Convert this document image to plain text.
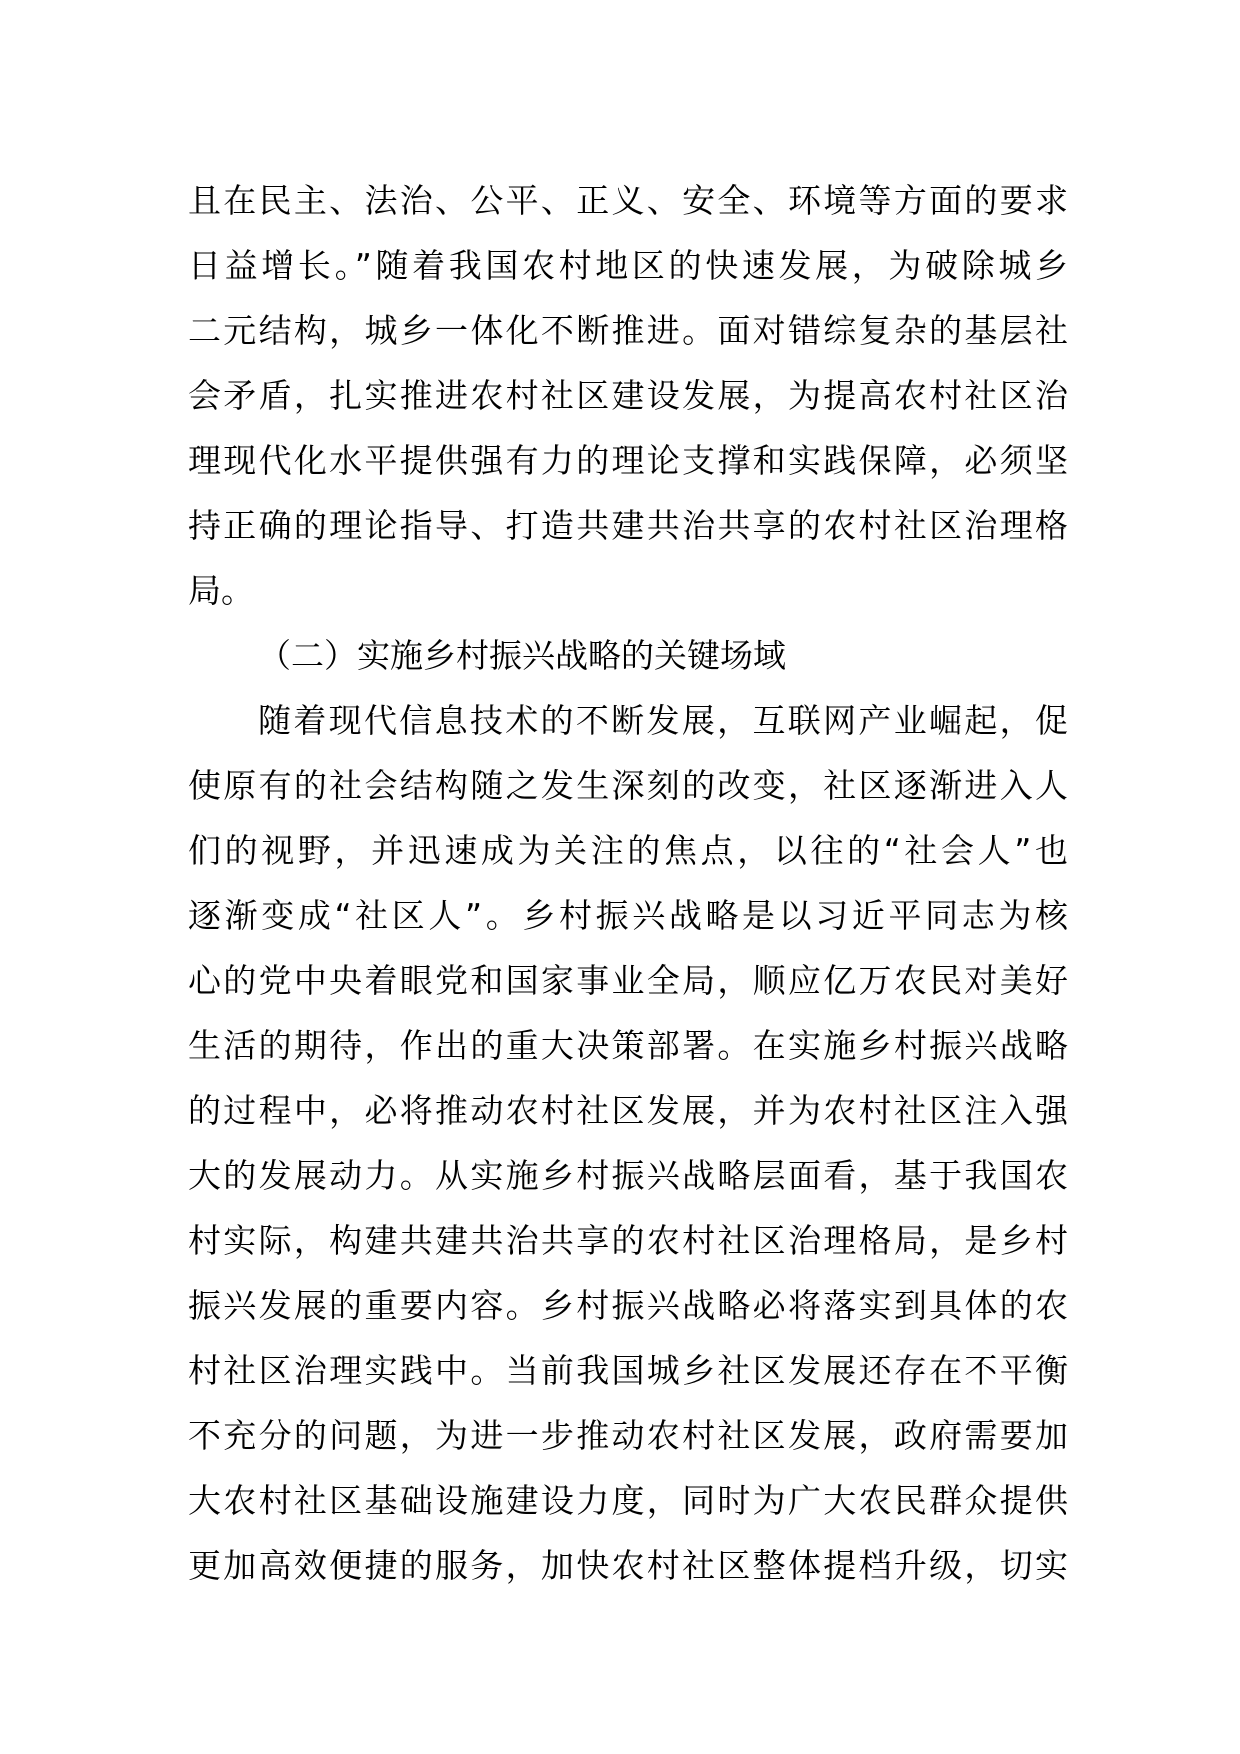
且在民主、法治、公平、正义、安全、环境等方面的要求
日益增长。”随着我国农村地区的快速发展，为破除城乡
二元结构，城乡一体化不断推进。面对错综复杂的基层社
会矛盾，扎实推进农村社区建设发展，为提高农村社区治
理现代化水平提供强有力的理论支撑和实践保障，必须坚
持正确的理论指导、打造共建共治共享的农村社区治理格
局。
（二）实施乡村振兴战略的关键场域
随着现代信息技术的不断发展，互联网产业崛起，促
使原有的社会结构随之发生深刻的改变，社区逐渐进入人
们的视野，并迅速成为关注的焦点，以往的“社会人”也
逐渐变成“社区人”。乡村振兴战略是以习近平同志为核
心的党中央着眼党和国家事业全局，顺应亿万农民对美好
生活的期待，作出的重大决策部署。在实施乡村振兴战略
的过程中，必将推动农村社区发展，并为农村社区注入强
大的发展动力。从实施乡村振兴战略层面看，基于我国农
村实际，构建共建共治共享的农村社区治理格局，是乡村
振兴发展的重要内容。乡村振兴战略必将落实到具体的农
村社区治理实践中。当前我国城乡社区发展还存在不平衡
不充分的问题，为进一步推动农村社区发展，政府需要加
大农村社区基础设施建设力度，同时为广大农民群众提供
更加高效便捷的服务，加快农村社区整体提档升级，切实
